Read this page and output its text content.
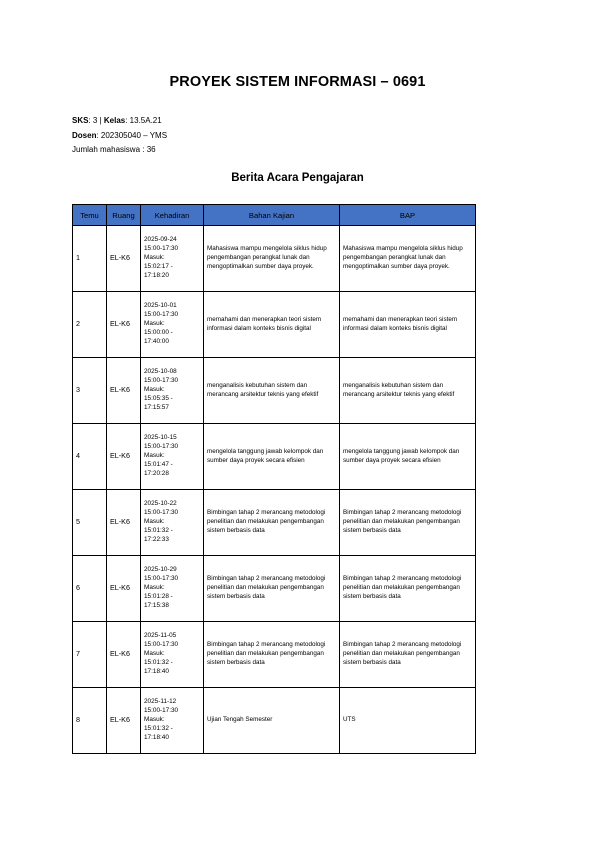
PROYEK SISTEM INFORMASI – 0691
SKS: 3 | Kelas: 13.5A.21
Dosen: 202305040 – YMS
Jumlah mahasiswa : 36
Berita Acara Pengajaran
Temu	Ruang	Kehadiran	Bahan Kajian	BAP
1	EL-K6	2025-09-24
15:00-17:30
Masuk:
15:02:17 -
17:18:20	Mahasiswa mampu mengelola siklus hidup pengembangan perangkat lunak dan mengoptimalkan sumber daya proyek.	Mahasiswa mampu mengelola siklus hidup pengembangan perangkat lunak dan mengoptimalkan sumber daya proyek.
2	EL-K6	2025-10-01
15:00-17:30
Masuk:
15:00:00 -
17:40:00	memahami dan menerapkan teori sistem informasi dalam konteks bisnis digital	memahami dan menerapkan teori sistem informasi dalam konteks bisnis digital
3	EL-K6	2025-10-08
15:00-17:30
Masuk:
15:05:35 -
17:15:57	menganalisis kebutuhan sistem dan merancang arsitektur teknis yang efektif	menganalisis kebutuhan sistem dan merancang arsitektur teknis yang efektif
4	EL-K6	2025-10-15
15:00-17:30
Masuk:
15:01:47 -
17:20:28	mengelola tanggung jawab kelompok dan sumber daya proyek secara efisien	mengelola tanggung jawab kelompok dan sumber daya proyek secara efisien
5	EL-K6	2025-10-22
15:00-17:30
Masuk:
15:01:32 -
17:22:33	Bimbingan tahap 2 merancang metodologi penelitian dan melakukan pengembangan sistem berbasis data	Bimbingan tahap 2 merancang metodologi penelitian dan melakukan pengembangan sistem berbasis data
6	EL-K6	2025-10-29
15:00-17:30
Masuk:
15:01:28 -
17:15:38	Bimbingan tahap 2 merancang metodologi penelitian dan melakukan pengembangan sistem berbasis data	Bimbingan tahap 2 merancang metodologi penelitian dan melakukan pengembangan sistem berbasis data
7	EL-K6	2025-11-05
15:00-17:30
Masuk:
15:01:32 -
17:18:40	Bimbingan tahap 2 merancang metodologi penelitian dan melakukan pengembangan sistem berbasis data	Bimbingan tahap 2 merancang metodologi penelitian dan melakukan pengembangan sistem berbasis data
8	EL-K6	2025-11-12
15:00-17:30
Masuk:
15:01:32 -
17:18:40	Ujian Tengah Semester	UTS
